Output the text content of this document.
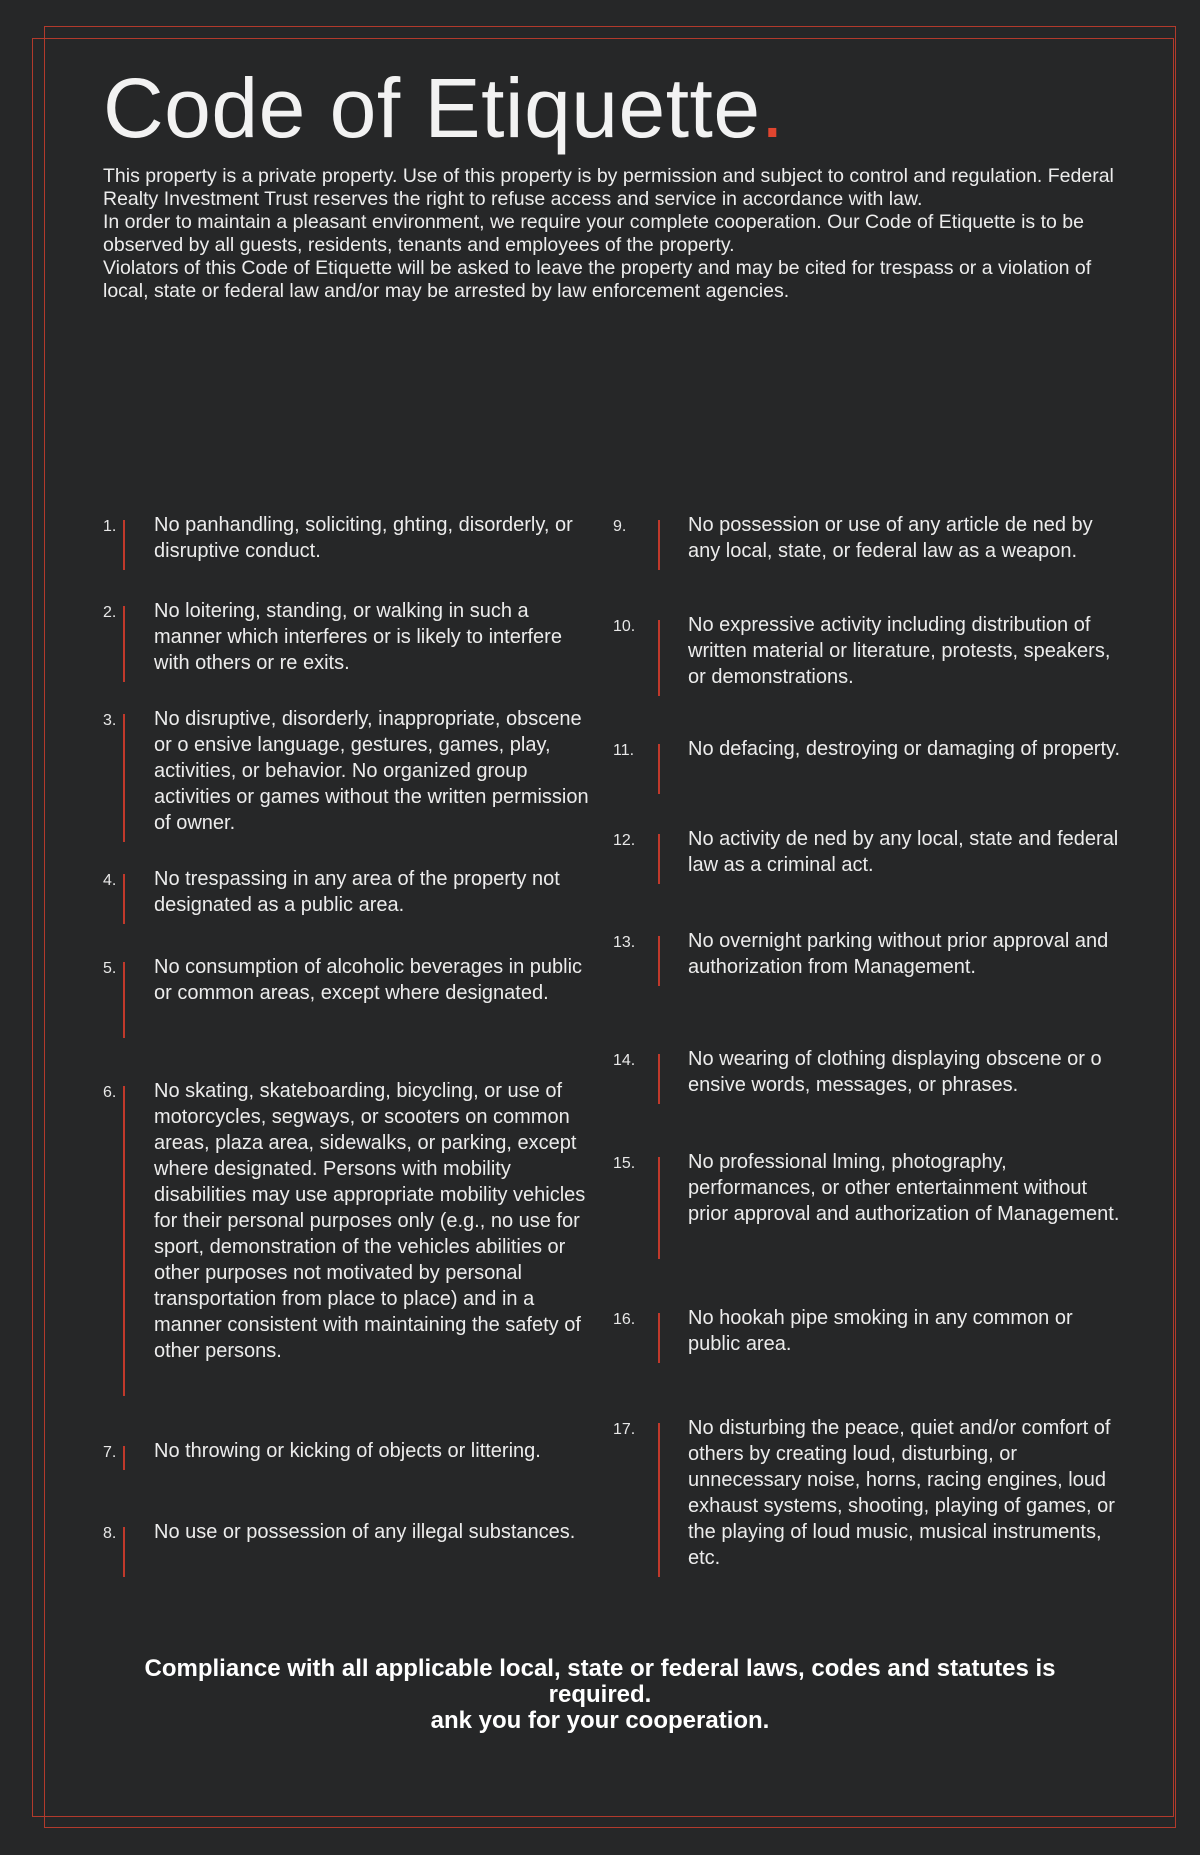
Code of Etiquette.

This property is a private property. Use of this property is by permission and subject to control and regulation. Federal Realty Investment Trust reserves the right to refuse access and service in accordance with law.

In order to maintain a pleasant environment, we require your complete cooperation. Our Code of Etiquette is to be observed by all guests, residents, tenants and employees of the property.

Violators of this Code of Etiquette will be asked to leave the property and may be cited for trespass or a violation of local, state or federal law and/or may be arrested by law enforcement agencies.

1.	No panhandling, soliciting, ghting, disorderly, or disruptive conduct.
2.	No loitering, standing, or walking in such a manner which interferes or is likely to interfere with others or re exits.
3.	No disruptive, disorderly, inappropriate, obscene or o ensive language, gestures, games, play, activities, or behavior. No organized group activities or games without the written permission of owner.
4.	No trespassing in any area of the property not designated as a public area.
5.	No consumption of alcoholic beverages in public or common areas, except where designated.
6.	No skating, skateboarding, bicycling, or use of motorcycles, segways, or scooters on common areas, plaza area, sidewalks, or parking, except where designated. Persons with mobility disabilities may use appropriate mobility vehicles for their personal purposes only (e.g., no use for sport, demonstration of the vehicles abilities or other purposes not motivated by personal transportation from place to place) and in a manner consistent with maintaining the safety of other persons.
7.	No throwing or kicking of objects or littering.
8.	No use or possession of any illegal substances.
9.	No possession or use of any article de ned by any local, state, or federal law as a weapon.
10.	No expressive activity including distribution of written material or literature, protests, speakers, or demonstrations.
11.	No defacing, destroying or damaging of property.
12.	No activity de ned by any local, state and federal law as a criminal act.
13.	No overnight parking without prior approval and authorization from Management.
14.	No wearing of clothing displaying obscene or o ensive words, messages, or phrases.
15.	No professional lming, photography, performances, or other entertainment without prior approval and authorization of Management.
16.	No hookah pipe smoking in any common or public area.
17.	No disturbing the peace, quiet and/or comfort of others by creating loud, disturbing, or unnecessary noise, horns, racing engines, loud exhaust systems, shooting, playing of games, or the playing of loud music, musical instruments, etc.

Compliance with all applicable local, state or federal laws, codes and statutes is required.

ank you for your cooperation.
